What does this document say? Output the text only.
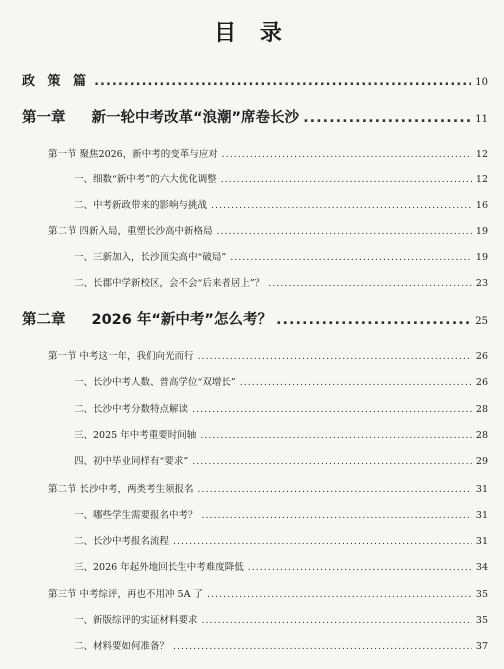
目 录
政 策 篇 .....	10
第一章 新一轮中考改革“浪潮”席卷长沙 .....	11
第一节 聚焦2026，新中考的变革与应对 .....	12
一、细数“新中考”的六大优化调整 .....	12
二、中考新政带来的影响与挑战 .....	16
第二节 四新入局，重塑长沙高中新格局 .....	19
一、三新加入，长沙顶尖高中“破局” .....	19
二、长郡中学新校区，会不会“后来者居上”？ .....	23
第二章 2026 年“新中考”怎么考？ .....	25
第一节 中考这一年，我们向光而行 .....	26
一、长沙中考人数、普高学位“双增长” .....	26
二、长沙中考分数特点解读 .....	28
三、2025 年中考重要时间轴 .....	28
四、初中毕业同样有“要求” .....	29
第二节 长沙中考，两类考生须报名 .....	31
一、哪些学生需要报名中考？ .....	31
二、长沙中考报名流程 .....	31
三、2026 年起外地回长生中考难度降低 .....	34
第三节 中考综评，再也不用冲 5A 了 .....	35
一、新版综评的实证材料要求 .....	35
二、材料要如何准备？ .....	37
